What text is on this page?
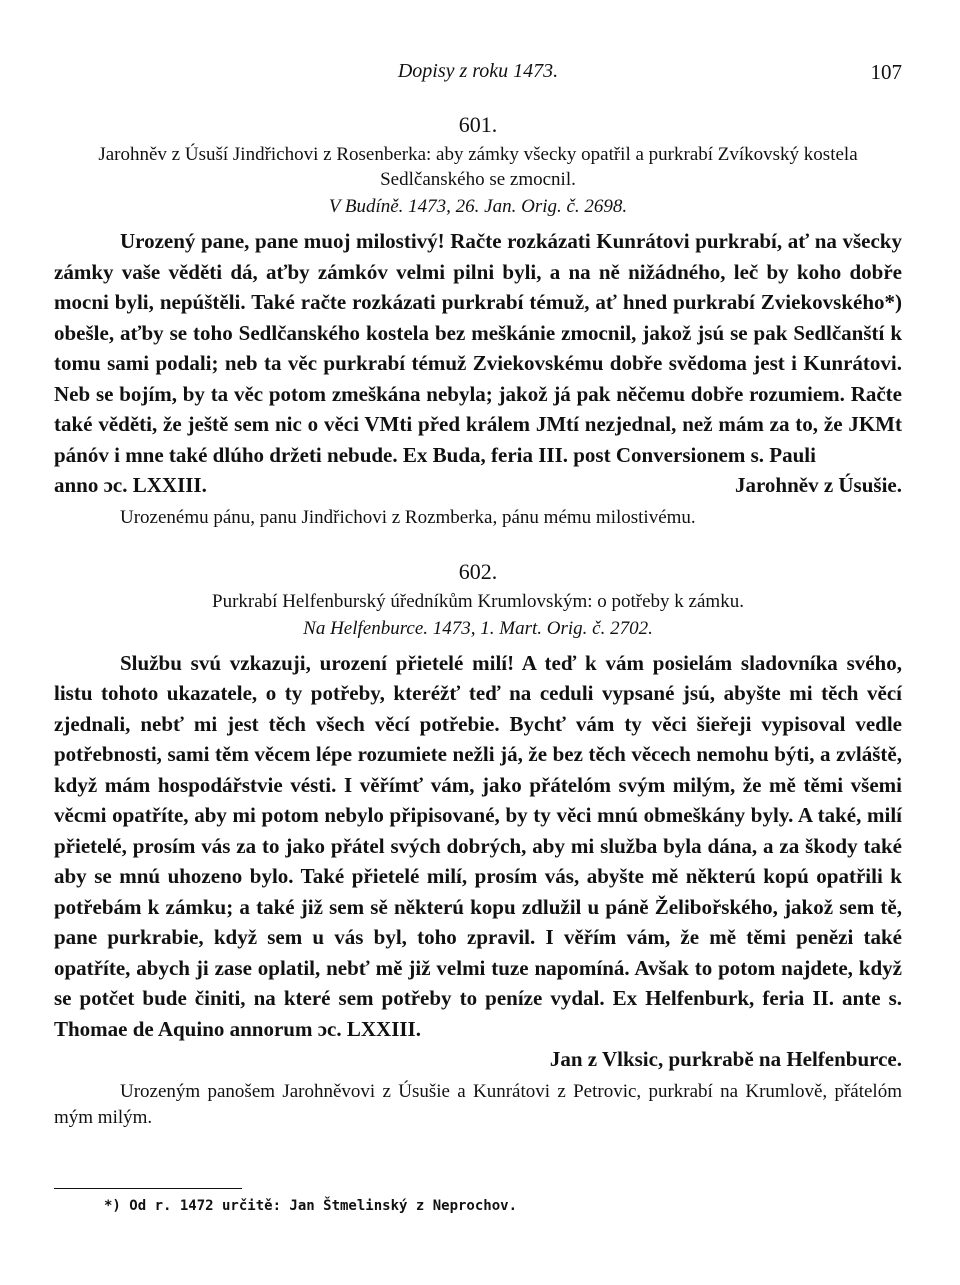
Dopisy z roku 1473.	107

601.

Jarohněv z Úsuší Jindřichovi z Rosenberka: aby zámky všecky opatřil a purkrabí Zvíkovský kostela Sedlčanského se zmocnil.

V Budíně. 1473, 26. Jan. Orig. č. 2698.

Urozený pane, pane muoj milostivý! Račte rozkázati Kunrátovi purkrabí, ať na všecky zámky vaše věděti dá, aťby zámkóv velmi pilni byli, a na ně nižádného, leč by koho dobře mocni byli, nepúštěli. Také račte rozkázati purkrabí témuž, ať hned purkrabí Zviekovského*) obešle, aťby se toho Sedlčanského kostela bez meškánie zmocnil, jakož jsú se pak Sedlčanští k tomu sami podali; neb ta věc purkrabí témuž Zviekovskému dobře svědoma jest i Kunrátovi. Neb se bojím, by ta věc potom zmeškána nebyla; jakož já pak něčemu dobře rozumiem. Račte také věděti, že ještě sem nic o věci VMti před králem JMtí nezjednal, než mám za to, že JKMt pánóv i mne také dlúho držeti nebude. Ex Buda, feria III. post Conversionem s. Pauli

anno ɔc. LXXIII.	Jarohněv z Úsušie.

Urozenému pánu, panu Jindřichovi z Rozmberka, pánu mému milostivému.

602.

Purkrabí Helfenburský úředníkům Krumlovským: o potřeby k zámku.

Na Helfenburce. 1473, 1. Mart. Orig. č. 2702.

Službu svú vzkazuji, urození přietelé milí! A teď k vám posielám sladovníka svého, listu tohoto ukazatele, o ty potřeby, kteréžť teď na ceduli vypsané jsú, abyšte mi těch věcí zjednali, nebť mi jest těch všech věcí potřebie. Bychť vám ty věci šieřeji vypisoval vedle potřebnosti, sami těm věcem lépe rozumiete nežli já, že bez těch věcech nemohu býti, a zvláště, když mám hospodářstvie vésti. I věřímť vám, jako přátelóm svým milým, že mě těmi všemi věcmi opatříte, aby mi potom nebylo připisované, by ty věci mnú obmeškány byly. A také, milí přietelé, prosím vás za to jako přátel svých dobrých, aby mi služba byla dána, a za škody také aby se mnú uhozeno bylo. Také přietelé milí, prosím vás, abyšte mě některú kopú opatřili k potřebám k zámku; a také již sem sě některú kopu zdlužil u páně Želibořského, jakož sem tě, pane purkrabie, když sem u vás byl, toho zpravil. I věřím vám, že mě těmi penězi také opatříte, abych ji zase oplatil, nebť mě již velmi tuze napomíná. Avšak to potom najdete, když se potčet bude činiti, na které sem potřeby to peníze vydal. Ex Helfenburk, feria II. ante s. Thomae de Aquino annorum ɔc. LXXIII.

Jan z Vlksic, purkrabě na Helfenburce.

Urozeným panošem Jarohněvovi z Úsušie a Kunrátovi z Petrovic, purkrabí na Krumlově, přátelóm mým milým.

*) Od r. 1472 určitě: Jan Štmelinský z Neprochov.
